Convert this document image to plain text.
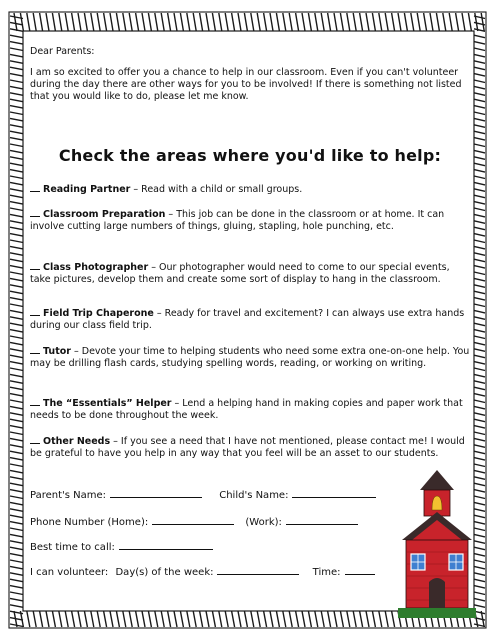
Dear Parents:
I am so excited to offer you a chance to help in our classroom. Even if you can't volunteer during the day there are other ways for you to be involved! If there is something not listed that you would like to do, please let me know.
Check the areas where you'd like to help:
Reading Partner – Read with a child or small groups.
Classroom Preparation – This job can be done in the classroom or at home. It can involve cutting large numbers of things, gluing, stapling, hole punching, etc.
Class Photographer – Our photographer would need to come to our special events, take pictures, develop them and create some sort of display to hang in the classroom.
Field Trip Chaperone – Ready for travel and excitement? I can always use extra hands during our class field trip.
Tutor – Devote your time to helping students who need some extra one-on-one help. You may be drilling flash cards, studying spelling words, reading, or working on writing.
The “Essentials” Helper – Lend a helping hand in making copies and paper work that needs to be done throughout the week.
Other Needs – If you see a need that I have not mentioned, please contact me! I would be grateful to have you help in any way that you feel will be an asset to our students.
Parent's Name:	Child's Name:
Phone Number (Home):	(Work):
Best time to call:
I can volunteer: Day(s) of the week:	Time:
